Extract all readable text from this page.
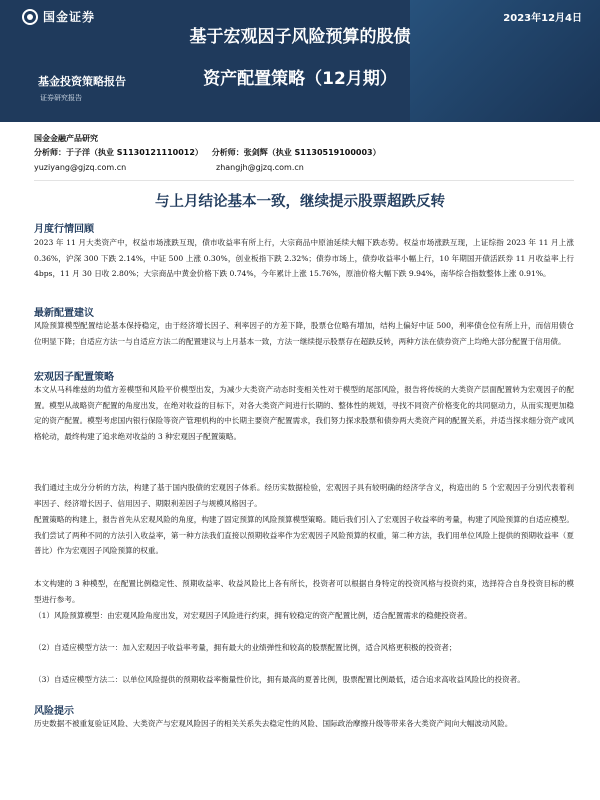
国金证券	2023年12月4日
基于宏观因子风险预算的股债
资产配置策略（12月期）
基金投资策略报告
证券研究报告
国金金融产品研究
分析师：于子洋（执业 S1130121110012） 分析师：张剑辉（执业 S1130519100003）
yuziyang@gjzq.com.cn	zhangjh@gjzq.com.cn
与上月结论基本一致，继续提示股票超跌反转
月度行情回顾
2023 年 11 月大类资产中，权益市场涨跌互现，债市收益率有所上行，大宗商品中原油延续大幅下跌态势。权益市场涨跌互现，上证综指 2023 年 11 月上涨 0.36%，沪深 300 下跌 2.14%，中证 500 上涨 0.30%，创业板指下跌 2.32%；债券市场上，债券收益率小幅上行，10 年期国开债活跃券 11 月收益率上行 4bps，11 月 30 日收 2.80%；大宗商品中黄金价格下跌 0.74%，今年累计上涨 15.76%，原油价格大幅下跌 9.94%，南华综合指数整体上涨 0.91%。
最新配置建议
风险预算模型配置结论基本保持稳定，由于经济增长因子、利率因子的方差下降，股票仓位略有增加，结构上偏好中证 500，利率债仓位有所上升，而信用债仓位明显下降；自适应方法一与自适应方法二的配置建议与上月基本一致，方法一继续提示股票存在超跌反转，两种方法在债券资产上均绝大部分配置于信用债。
宏观因子配置策略
本文从马科维兹的均值方差模型和风险平价模型出发，为减少大类资产动态时变相关性对于模型的尾部风险，报告将传统的大类资产层面配置转为宏观因子的配置。模型从战略资产配置的角度出发，在绝对收益的目标下，对各大类资产间进行长期的、整体性的规划，寻找不同资产价格变化的共同驱动力，从而实现更加稳定的资产配置。模型考虑国内银行保险等资产管理机构的中长期主要资产配置需求，我们努力探求股票和债券两大类资产间的配置关系，并适当探求细分资产或风格轮动，最终构建了追求绝对收益的 3 种宏观因子配置策略。
我们通过主成分分析的方法，构建了基于国内股债的宏观因子体系。经历实数据检验，宏观因子具有较明确的经济学含义，构造出的 5 个宏观因子分别代表着利率因子、经济增长因子、信用因子、期限利差因子与规模风格因子。
配置策略的构建上，报告首先从宏观风险的角度，构建了固定预算的风险预算模型策略。随后我们引入了宏观因子收益率的考量，构建了风险预算的自适应模型。我们尝试了两种不同的方法引入收益率，第一种方法我们直接以预期收益率作为宏观因子风险预算的权重，第二种方法，我们用单位风险上提供的预期收益率（夏普比）作为宏观因子风险预算的权重。
本文构建的 3 种模型，在配置比例稳定性、预期收益率、收益风险比上各有所长，投资者可以根据自身特定的投资风格与投资约束，选择符合自身投资目标的模型进行参考。
（1）风险预算模型：由宏观风险角度出发，对宏观因子风险进行约束，拥有较稳定的资产配置比例，适合配置需求的稳健投资者。
（2）自适应模型方法一：加入宏观因子收益率考量，拥有最大的业绩弹性和较高的股票配置比例，适合风格更积极的投资者；
（3）自适应模型方法二：以单位风险提供的预期收益率衡量性价比，拥有最高的夏普比例，股票配置比例最低，适合追求高收益风险比的投资者。
风险提示
历史数据不被重复验证风险、大类资产与宏观风险因子的相关关系失去稳定性的风险、国际政治摩擦升级等带来各大类资产间向大幅波动风险。
